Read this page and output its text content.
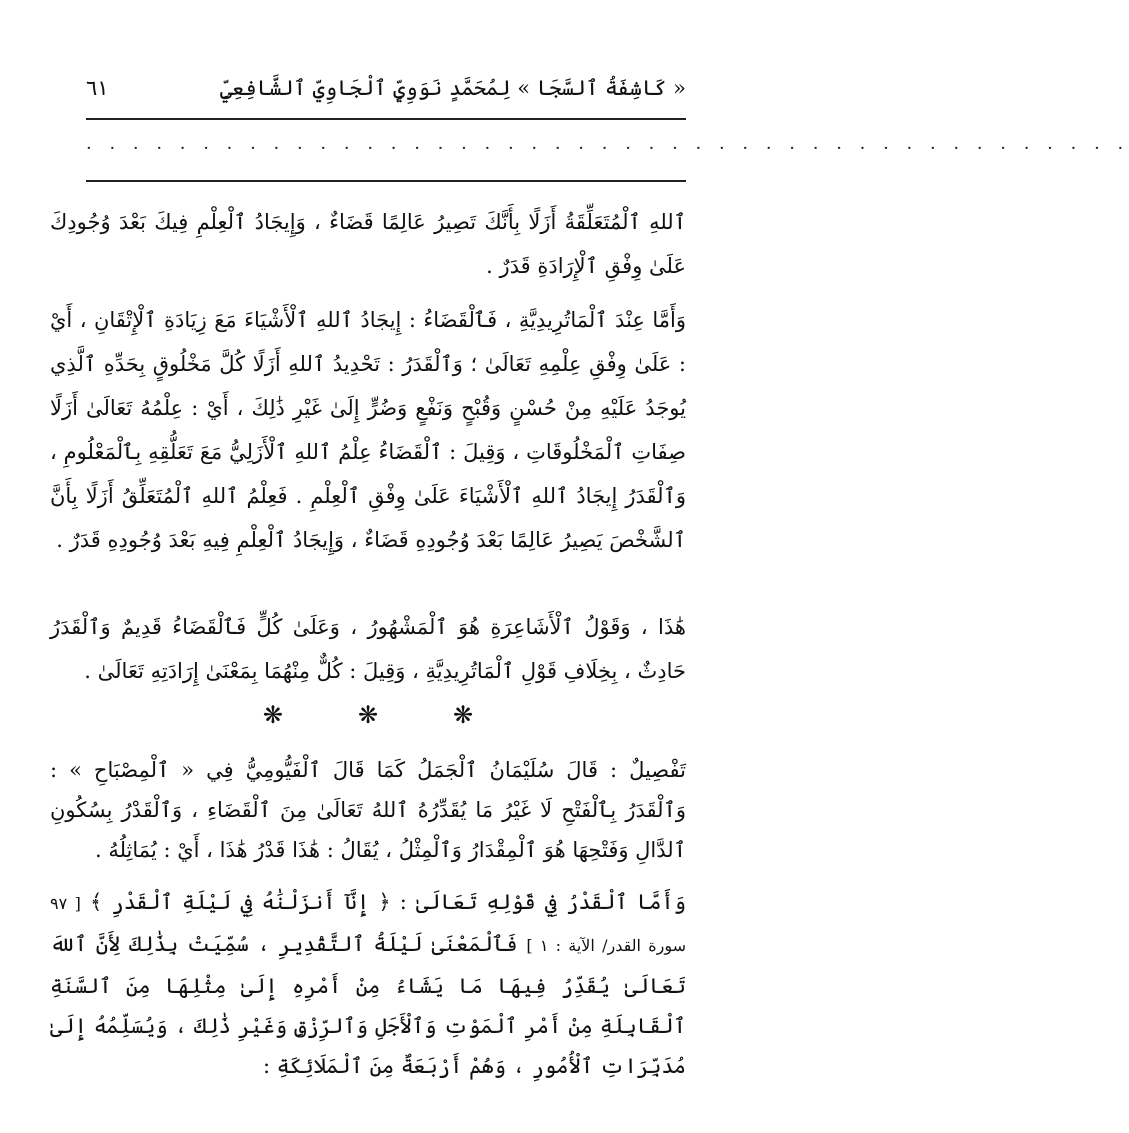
« كَاشِفَةُ ٱلسَّجَا » لِمُحَمَّدٍ نَوَوِيٍّ ٱلْجَاوِيِّ ٱلشَّافِعِيِّ
٦١
· · · · · · · · · · · · · · · · · · · · · · · · · · · · · · · · · · · · · · · · · · · · ·
ٱللهِ ٱلْمُتَعَلِّقَةُ أَزَلًا بِأَنَّكَ تَصِيرُ عَالِمًا قَضَاءٌ ، وَإِيجَادُ ٱلْعِلْمِ فِيكَ بَعْدَ وُجُودِكَ عَلَىٰ وِفْقِ ٱلْإِرَادَةِ قَدَرٌ .
وَأَمَّا عِنْدَ ٱلْمَاتُرِيدِيَّةِ ، فَٱلْقَضَاءُ : إِيجَادُ ٱللهِ ٱلْأَشْيَاءَ مَعَ زِيَادَةِ ٱلْإِتْقَانِ ، أَيْ : عَلَىٰ وِفْقِ عِلْمِهِ تَعَالَىٰ ؛ وَٱلْقَدَرُ : تَحْدِيدُ ٱللهِ أَزَلًا كُلَّ مَخْلُوقٍ بِحَدِّهِ ٱلَّذِي يُوجَدُ عَلَيْهِ مِنْ حُسْنٍ وَقُبْحٍ وَنَفْعٍ وَضُرٍّ إِلَىٰ غَيْرِ ذَٰلِكَ ، أَيْ : عِلْمُهُ تَعَالَىٰ أَزَلًا صِفَاتِ ٱلْمَخْلُوقَاتِ ، وَقِيلَ : ٱلْقَضَاءُ عِلْمُ ٱللهِ ٱلْأَزَلِيُّ مَعَ تَعَلُّقِهِ بِٱلْمَعْلُومِ ، وَٱلْقَدَرُ إِيجَادُ ٱللهِ ٱلْأَشْيَاءَ عَلَىٰ وِفْقِ ٱلْعِلْمِ . فَعِلْمُ ٱللهِ ٱلْمُتَعَلِّقُ أَزَلًا بِأَنَّ ٱلشَّخْصَ يَصِيرُ عَالِمًا بَعْدَ وُجُودِهِ قَضَاءٌ ، وَإِيجَادُ ٱلْعِلْمِ فِيهِ بَعْدَ وُجُودِهِ قَدَرٌ .
هَٰذَا ، وَقَوْلُ ٱلْأَشَاعِرَةِ هُوَ ٱلْمَشْهُورُ ، وَعَلَىٰ كُلٍّ فَٱلْقَضَاءُ قَدِيمٌ وَٱلْقَدَرُ حَادِثٌ ، بِخِلَافِ قَوْلِ ٱلْمَاتُرِيدِيَّةِ ، وَقِيلَ : كُلٌّ مِنْهُمَا بِمَعْنَىٰ إِرَادَتِهِ تَعَالَىٰ .
❋	❋	❋
تَفْصِيلٌ : قَالَ سُلَيْمَانُ ٱلْجَمَلُ كَمَا قَالَ ٱلْفَيُّومِيُّ فِي « ٱلْمِصْبَاحِ » : وَٱلْقَدَرُ بِٱلْفَتْحِ لَا غَيْرُ مَا يُقَدِّرُهُ ٱللهُ تَعَالَىٰ مِنَ ٱلْقَضَاءِ ، وَٱلْقَدْرُ بِسُكُونِ ٱلدَّالِ وَفَتْحِهَا هُوَ ٱلْمِقْدَارُ وَٱلْمِثْلُ ، يُقَالُ : هَٰذَا قَدْرُ هَٰذَا ، أَيْ : يُمَاثِلُهُ .
وَأَمَّا ٱلْقَدْرُ فِي قَوْلِهِ تَعَالَىٰ : ﴿ إِنَّآ أَنزَلْنَٰهُ فِي لَيْلَةِ ٱلْقَدْرِ ﴾ [ ٩٧ سورة القدر/ الآية : ١ ] فَٱلْمَعْنَىٰ لَيْلَةُ ٱلتَّقْدِيرِ ، سُمِّيَتْ بِذَٰلِكَ لِأَنَّ ٱللهَ تَعَالَىٰ يُقَدِّرُ فِيهَا مَا يَشَاءُ مِنْ أَمْرِهِ إِلَىٰ مِثْلِهَا مِنَ ٱلسَّنَةِ ٱلْقَابِلَةِ مِنْ أَمْرِ ٱلْمَوْتِ وَٱلْأَجَلِ وَٱلرِّزْقِ وَغَيْرِ ذَٰلِكَ ، وَيُسَلِّمُهُ إِلَىٰ مُدَبِّرَاتِ ٱلْأُمُورِ ، وَهُمْ أَرْبَعَةٌ مِنَ ٱلْمَلَائِكَةِ :
